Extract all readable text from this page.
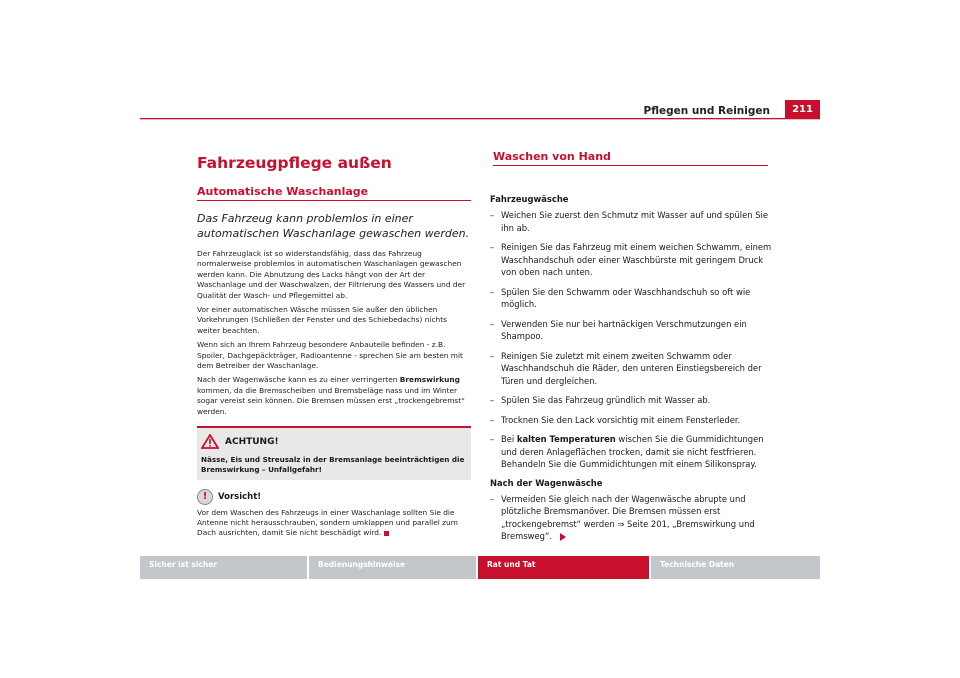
Pflegen und Reinigen	211
Fahrzeugpflege außen
Automatische Waschanlage
Das Fahrzeug kann problemlos in einer automatischen Waschanlage gewaschen werden.
Der Fahrzeuglack ist so widerstandsfähig, dass das Fahrzeug normalerweise problemlos in automatischen Waschanlagen gewaschen werden kann. Die Abnutzung des Lacks hängt von der Art der Waschanlage und der Waschwalzen, der Filtrierung des Wassers und der Qualität der Wasch- und Pflegemittel ab.
Vor einer automatischen Wäsche müssen Sie außer den üblichen Vorkehrungen (Schließen der Fenster und des Schiebedachs) nichts weiter beachten.
Wenn sich an Ihrem Fahrzeug besondere Anbauteile befinden - z.B. Spoiler, Dachgepäckträger, Radioantenne - sprechen Sie am besten mit dem Betreiber der Waschanlage.
Nach der Wagenwäsche kann es zu einer verringerten Bremswirkung kommen, da die Bremsscheiben und Bremsbeläge nass und im Winter sogar vereist sein können. Die Bremsen müssen erst „trockengebremst“ werden.
ACHTUNG!
Nässe, Eis und Streusalz in der Bremsanlage beeinträchtigen die Bremswirkung – Unfallgefahr!
!	Vorsicht!
Vor dem Waschen des Fahrzeugs in einer Waschanlage sollten Sie die Antenne nicht herausschrauben, sondern umklappen und parallel zum Dach ausrichten, damit Sie nicht beschädigt wird.
Waschen von Hand
Fahrzeugwäsche
– Weichen Sie zuerst den Schmutz mit Wasser auf und spülen Sie ihn ab.
– Reinigen Sie das Fahrzeug mit einem weichen Schwamm, einem Waschhandschuh oder einer Waschbürste mit geringem Druck von oben nach unten.
– Spülen Sie den Schwamm oder Waschhandschuh so oft wie möglich.
– Verwenden Sie nur bei hartnäckigen Verschmutzungen ein Shampoo.
– Reinigen Sie zuletzt mit einem zweiten Schwamm oder Waschhandschuh die Räder, den unteren Einstiegsbereich der Türen und dergleichen.
– Spülen Sie das Fahrzeug gründlich mit Wasser ab.
– Trocknen Sie den Lack vorsichtig mit einem Fensterleder.
– Bei kalten Temperaturen wischen Sie die Gummidichtungen und deren Anlageflächen trocken, damit sie nicht festfrieren. Behandeln Sie die Gummidichtungen mit einem Silikonspray.
Nach der Wagenwäsche
– Vermeiden Sie gleich nach der Wagenwäsche abrupte und plötzliche Bremsmanöver. Die Bremsen müssen erst „trockengebremst“ werden ⇒ Seite 201, „Bremswirkung und Bremsweg“.
Sicher ist sicher	Bedienungshinweise	Rat und Tat	Technische Daten
